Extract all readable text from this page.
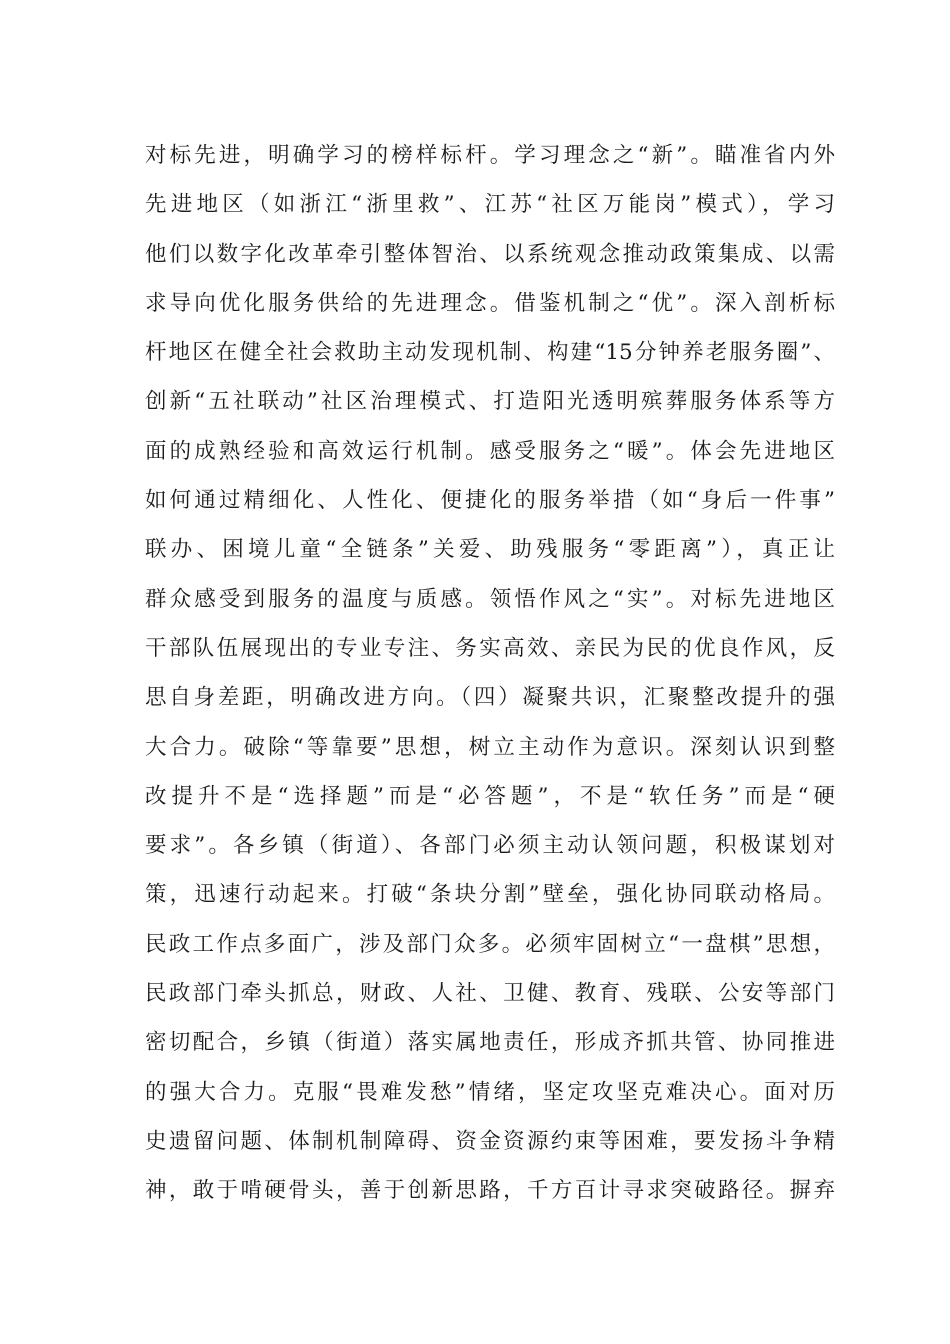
对标先进，明确学习的榜样标杆。学习理念之“新”。瞄准省内外
先进地区（如浙江“浙里救”、江苏“社区万能岗”模式），学习
他们以数字化改革牵引整体智治、以系统观念推动政策集成、以需
求导向优化服务供给的先进理念。借鉴机制之“优”。深入剖析标
杆地区在健全社会救助主动发现机制、构建“15分钟养老服务圈”、
创新“五社联动”社区治理模式、打造阳光透明殡葬服务体系等方
面的成熟经验和高效运行机制。感受服务之“暖”。体会先进地区
如何通过精细化、人性化、便捷化的服务举措（如“身后一件事”
联办、困境儿童“全链条”关爱、助残服务“零距离”），真正让
群众感受到服务的温度与质感。领悟作风之“实”。对标先进地区
干部队伍展现出的专业专注、务实高效、亲民为民的优良作风，反
思自身差距，明确改进方向。（四）凝聚共识，汇聚整改提升的强
大合力。破除“等靠要”思想，树立主动作为意识。深刻认识到整
改提升不是“选择题”而是“必答题”，不是“软任务”而是“硬
要求”。各乡镇（街道）、各部门必须主动认领问题，积极谋划对
策，迅速行动起来。打破“条块分割”壁垒，强化协同联动格局。
民政工作点多面广，涉及部门众多。必须牢固树立“一盘棋”思想，
民政部门牵头抓总，财政、人社、卫健、教育、残联、公安等部门
密切配合，乡镇（街道）落实属地责任，形成齐抓共管、协同推进
的强大合力。克服“畏难发愁”情绪，坚定攻坚克难决心。面对历
史遗留问题、体制机制障碍、资金资源约束等困难，要发扬斗争精
神，敢于啃硬骨头，善于创新思路，千方百计寻求突破路径。摒弃
